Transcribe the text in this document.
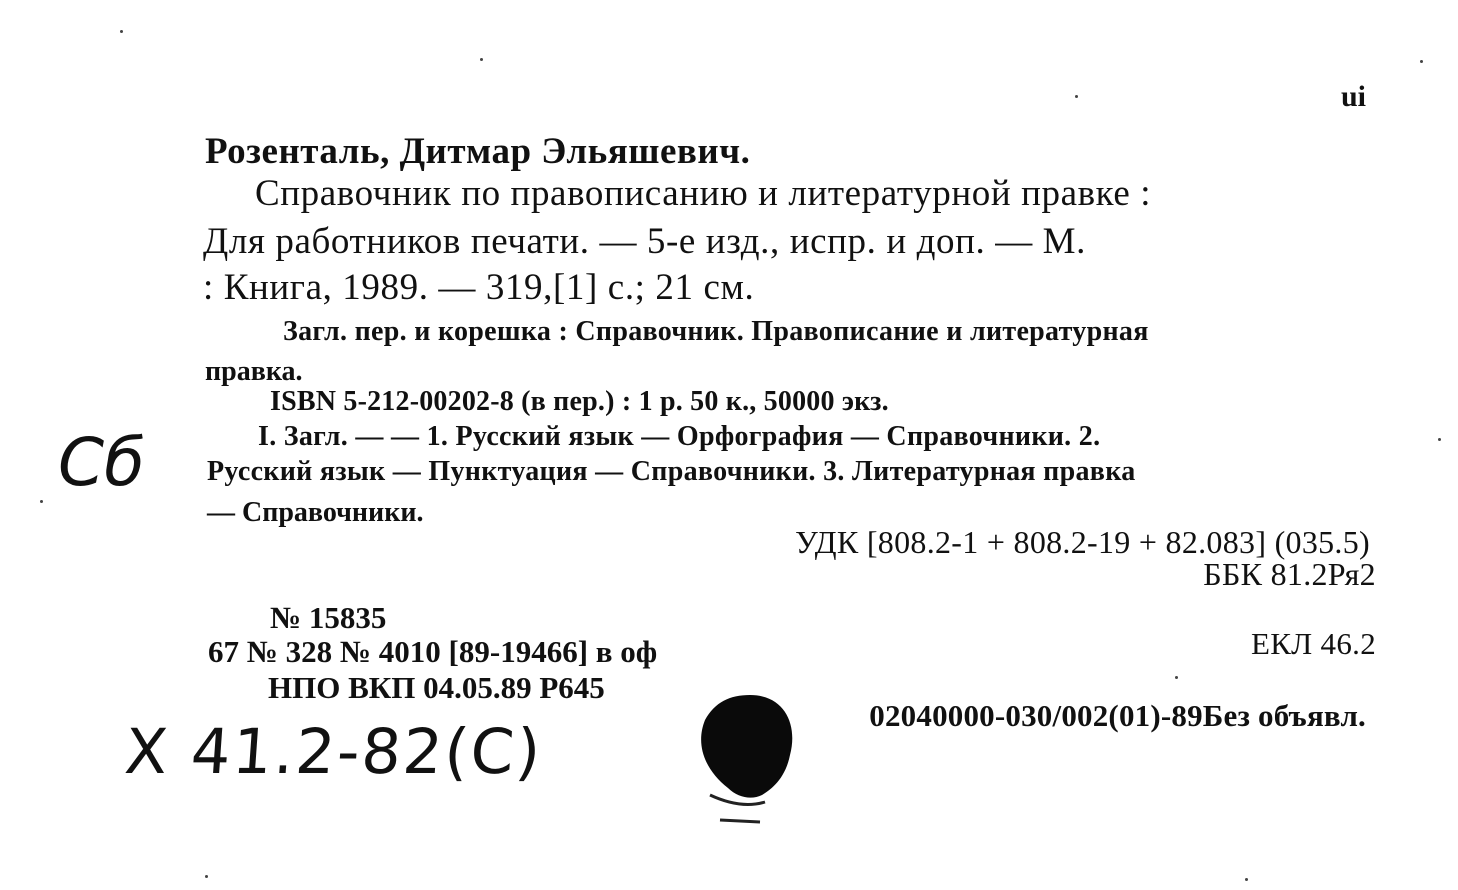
ui
Розенталь, Дитмар Эльяшевич.
Справочник по правописанию и литературной правке :
Для работников печати. — 5-е изд., испр. и доп. — М.
: Книга, 1989. — 319,[1] с.; 21 см.
Загл. пер. и корешка : Справочник. Правописание и литературная
правка.
ISBN 5-212-00202-8 (в пер.) : 1 р. 50 к., 50000 экз.
I. Загл. — — 1. Русский язык — Орфография — Справочники. 2.
Русский язык — Пунктуация — Справочники. 3. Литературная правка
— Справочники.
УДК [808.2-1 + 808.2-19 + 82.083] (035.5)
ББК 81.2Ря2
№ 15835
67 № 328 № 4010 [89-19466] в оф	ЕКЛ 46.2
НПО ВКП 04.05.89 Р645
02040000-030/002(01)-89Без объявл.
Сб
Х 41.2-82(С)
